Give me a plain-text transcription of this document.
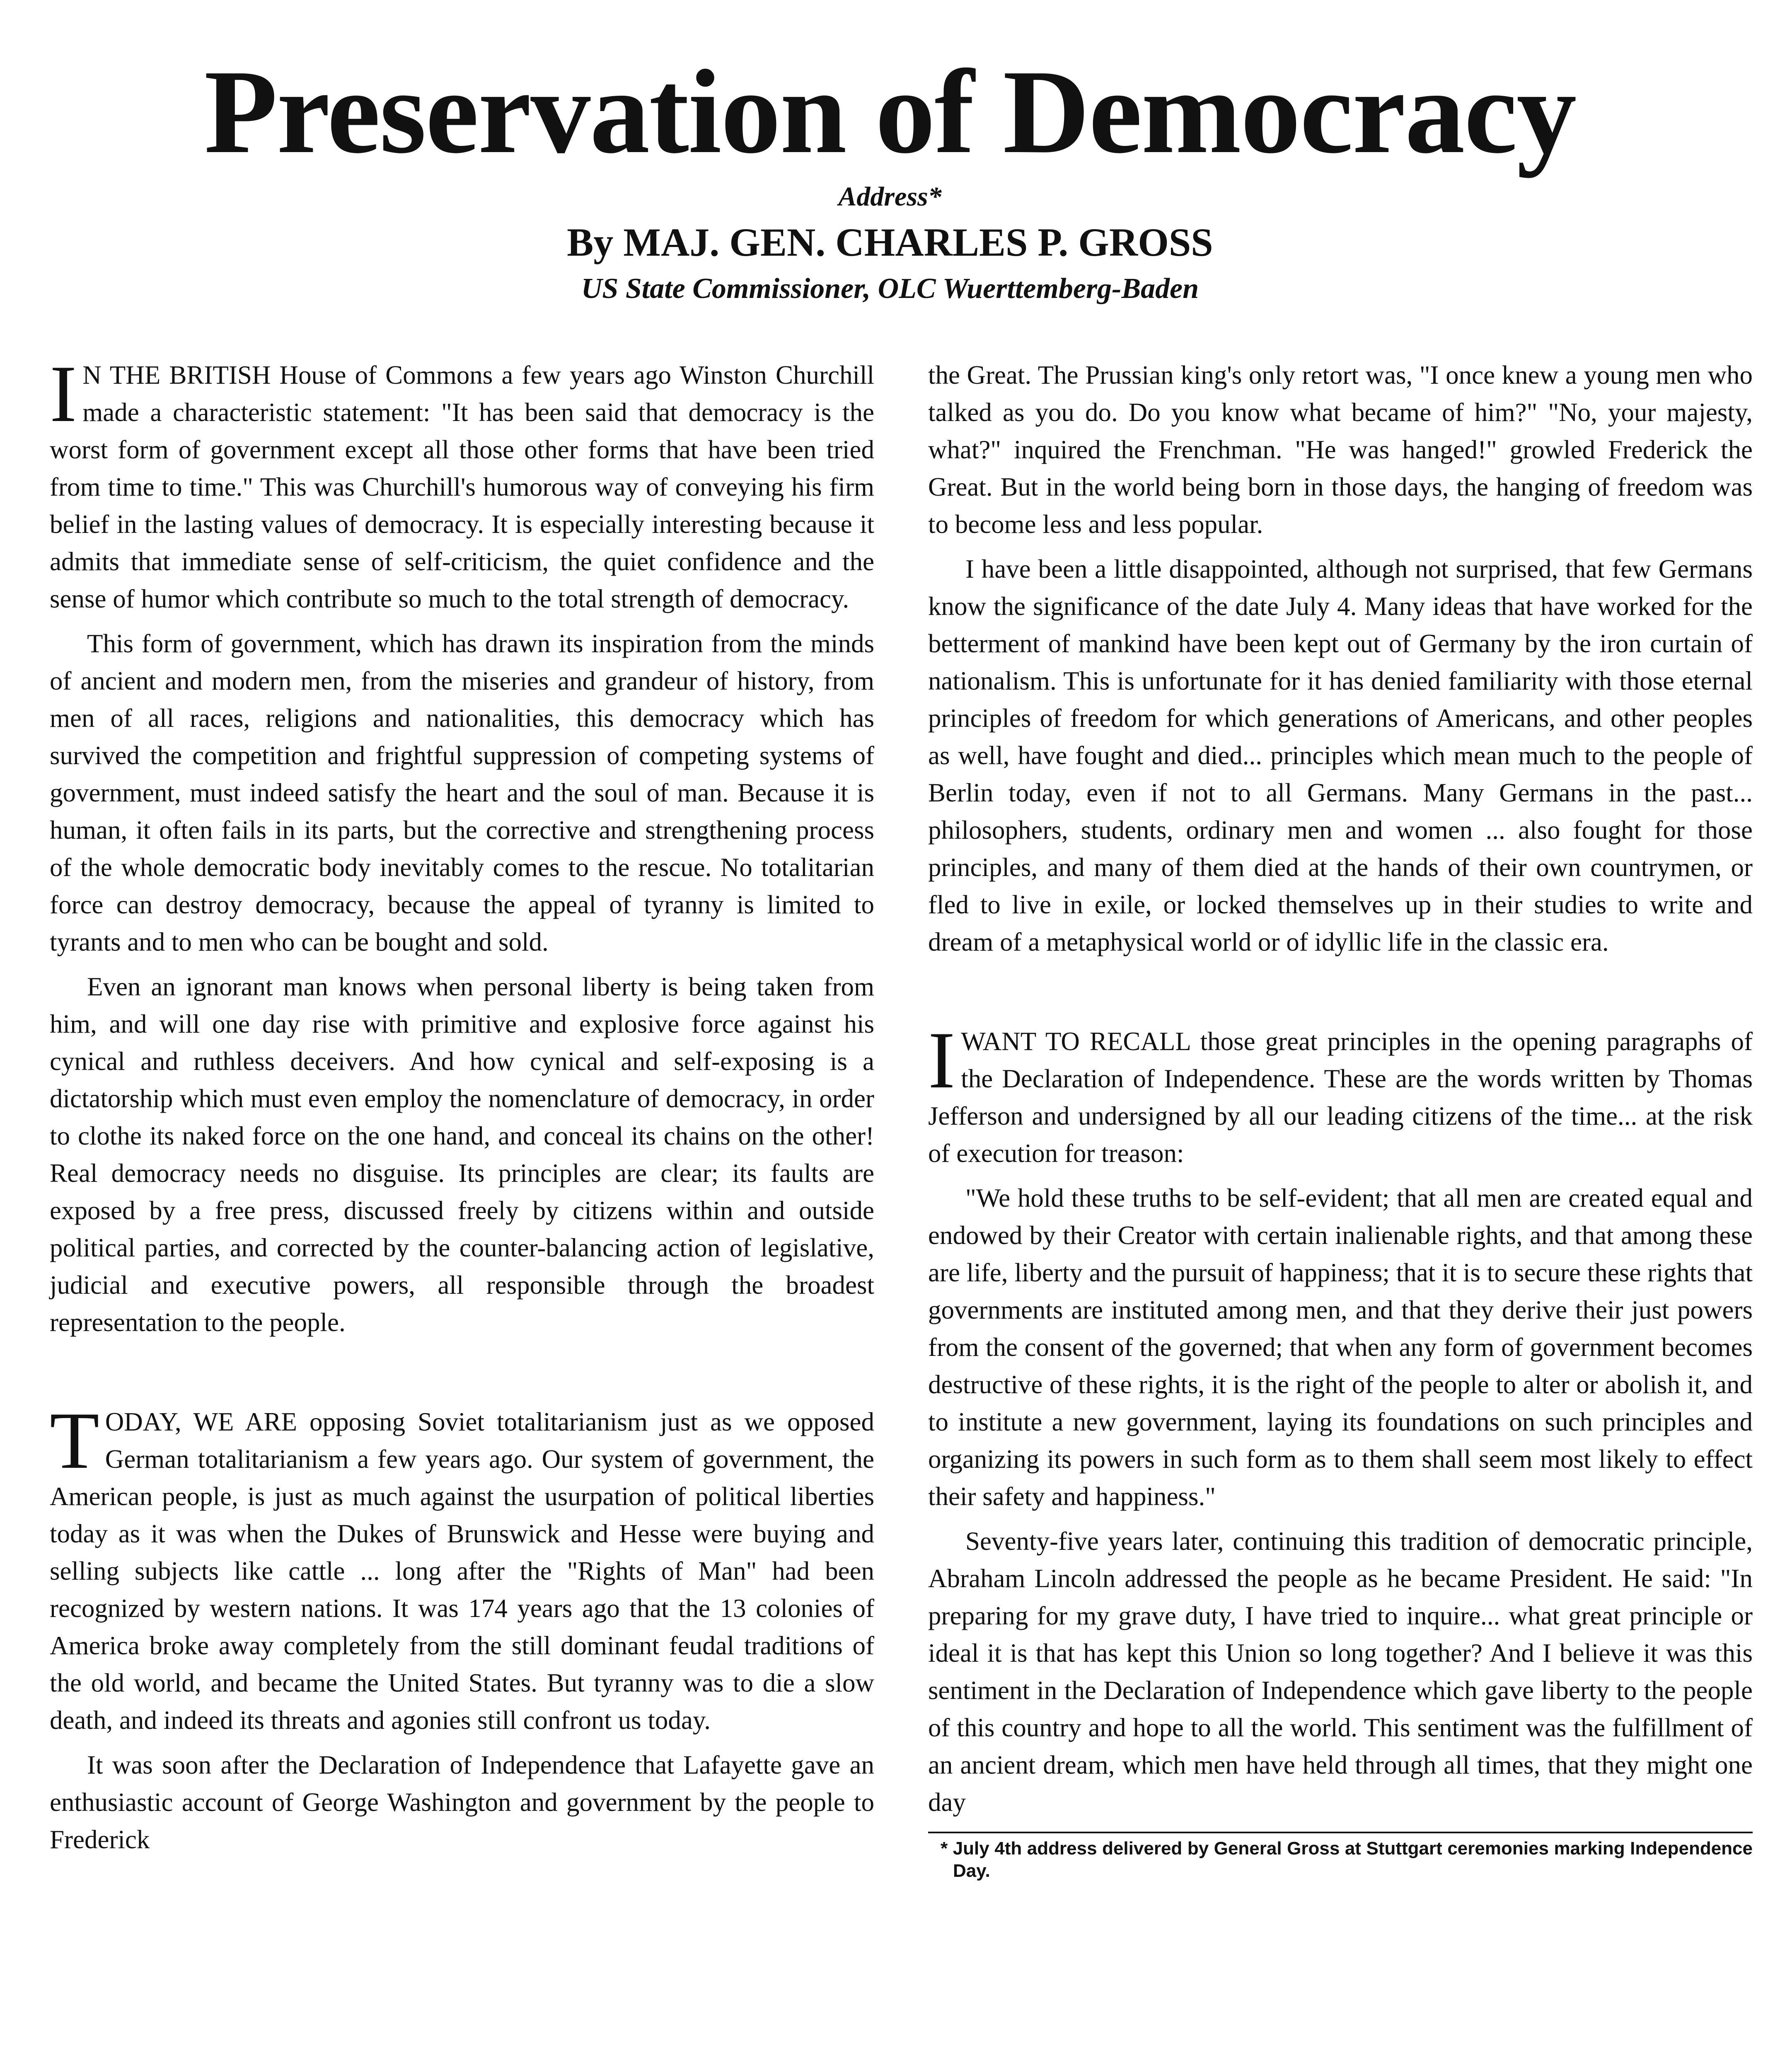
Preservation of Democracy
Address*
By MAJ. GEN. CHARLES P. GROSS
US State Commissioner, OLC Wuerttemberg-Baden

I N THE BRITISH House of Commons a few years ago Winston Churchill made a characteristic statement: "It has been said that democracy is the worst form of government except all those other forms that have been tried from time to time." This was Churchill's humorous way of conveying his firm belief in the lasting values of democracy. It is especially interesting because it admits that immediate sense of self-criticism, the quiet confidence and the sense of humor which contribute so much to the total strength of democracy.

This form of government, which has drawn its inspiration from the minds of ancient and modern men, from the miseries and grandeur of history, from men of all races, religions and nationalities, this democracy which has survived the competition and frightful suppression of competing systems of government, must indeed satisfy the heart and the soul of man. Because it is human, it often fails in its parts, but the corrective and strengthening process of the whole democratic body inevitably comes to the rescue. No totalitarian force can destroy democracy, because the appeal of tyranny is limited to tyrants and to men who can be bought and sold.

Even an ignorant man knows when personal liberty is being taken from him, and will one day rise with primitive and explosive force against his cynical and ruthless deceivers. And how cynical and self-exposing is a dictatorship which must even employ the nomenclature of democracy, in order to clothe its naked force on the one hand, and conceal its chains on the other! Real democracy needs no disguise. Its principles are clear; its faults are exposed by a free press, discussed freely by citizens within and outside political parties, and corrected by the counter-balancing action of legislative, judicial and executive powers, all responsible through the broadest representation to the people.

TODAY, WE ARE opposing Soviet totalitarianism just as we opposed German totalitarianism a few years ago. Our system of government, the American people, is just as much against the usurpation of political liberties today as it was when the Dukes of Brunswick and Hesse were buying and selling subjects like cattle ... long after the "Rights of Man" had been recognized by western nations. It was 174 years ago that the 13 colonies of America broke away completely from the still dominant feudal traditions of the old world, and became the United States. But tyranny was to die a slow death, and indeed its threats and agonies still confront us today.

It was soon after the Declaration of Independence that Lafayette gave an enthusiastic account of George Washington and government by the people to Frederick

the Great. The Prussian king's only retort was, "I once knew a young men who talked as you do. Do you know what became of him?" "No, your majesty, what?" inquired the Frenchman. "He was hanged!" growled Frederick the Great. But in the world being born in those days, the hanging of freedom was to become less and less popular.

I have been a little disappointed, although not surprised, that few Germans know the significance of the date July 4. Many ideas that have worked for the betterment of mankind have been kept out of Germany by the iron curtain of nationalism. This is unfortunate for it has denied familiarity with those eternal principles of freedom for which generations of Americans, and other peoples as well, have fought and died... principles which mean much to the people of Berlin today, even if not to all Germans. Many Germans in the past... philosophers, students, ordinary men and women ... also fought for those principles, and many of them died at the hands of their own countrymen, or fled to live in exile, or locked themselves up in their studies to write and dream of a metaphysical world or of idyllic life in the classic era.

IWANT TO RECALL those great principles in the opening paragraphs of the Declaration of Independence. These are the words written by Thomas Jefferson and undersigned by all our leading citizens of the time... at the risk of execution for treason:

"We hold these truths to be self-evident; that all men are created equal and endowed by their Creator with certain inalienable rights, and that among these are life, liberty and the pursuit of happiness; that it is to secure these rights that governments are instituted among men, and that they derive their just powers from the consent of the governed; that when any form of government becomes destructive of these rights, it is the right of the people to alter or abolish it, and to institute a new government, laying its foundations on such principles and organizing its powers in such form as to them shall seem most likely to effect their safety and happiness."

Seventy-five years later, continuing this tradition of democratic principle, Abraham Lincoln addressed the people as he became President. He said: "In preparing for my grave duty, I have tried to inquire... what great principle or ideal it is that has kept this Union so long together? And I believe it was this sentiment in the Declaration of Independence which gave liberty to the people of this country and hope to all the world. This sentiment was the fulfillment of an ancient dream, which men have held through all times, that they might one day

* July 4th address delivered by General Gross at Stuttgart ceremonies marking Independence Day.
